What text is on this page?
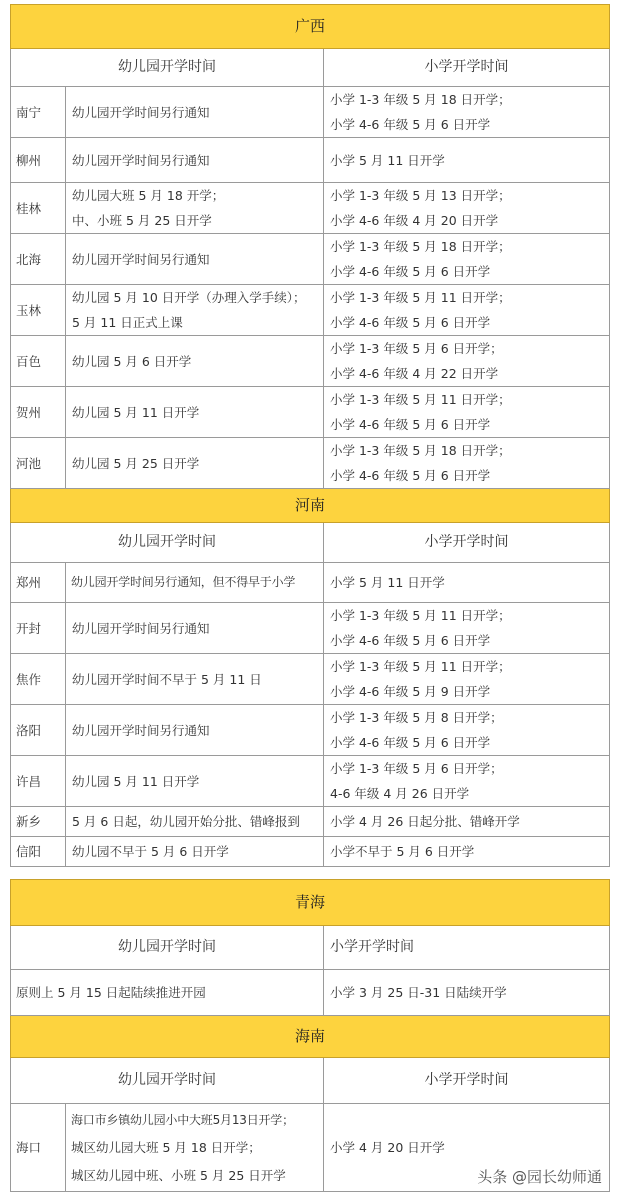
广西		
幼儿园开学时间		小学开学时间
南宁	幼儿园开学时间另行通知	小学 1-3 年级 5 月 18 日开学；
小学 4-6 年级 5 月 6 日开学

柳州	幼儿园开学时间另行通知	小学 5 月 11 日开学

桂林	幼儿园大班 5 月 18 开学；
中、小班 5 月 25 日开学	小学 1-3 年级 5 月 13 日开学；
小学 4-6 年级 4 月 20 日开学

北海	幼儿园开学时间另行通知	小学 1-3 年级 5 月 18 日开学；
小学 4-6 年级 5 月 6 日开学

玉林	幼儿园 5 月 10 日开学（办理入学手续）；
5 月 11 日正式上课	小学 1-3 年级 5 月 11 日开学；
小学 4-6 年级 5 月 6 日开学

百色	幼儿园 5 月 6 日开学	小学 1-3 年级 5 月 6 日开学；
小学 4-6 年级 4 月 22 日开学

贺州	幼儿园 5 月 11 日开学	小学 1-3 年级 5 月 11 日开学；
小学 4-6 年级 5 月 6 日开学

河池	幼儿园 5 月 25 日开学	小学 1-3 年级 5 月 18 日开学；
小学 4-6 年级 5 月 6 日开学

河南		
幼儿园开学时间		小学开学时间
郑州	幼儿园开学时间另行通知，但不得早于小学	小学 5 月 11 日开学

开封	幼儿园开学时间另行通知	小学 1-3 年级 5 月 11 日开学；
小学 4-6 年级 5 月 6 日开学

焦作	幼儿园开学时间不早于 5 月 11 日	小学 1-3 年级 5 月 11 日开学；
小学 4-6 年级 5 月 9 日开学

洛阳	幼儿园开学时间另行通知	小学 1-3 年级 5 月 8 日开学；
小学 4-6 年级 5 月 6 日开学

许昌	幼儿园 5 月 11 日开学	小学 1-3 年级 5 月 6 日开学；
4-6 年级 4 月 26 日开学

新乡	5 月 6 日起，幼儿园开始分批、错峰报到	小学 4 月 26 日起分批、错峰开学

信阳	幼儿园不早于 5 月 6 日开学	小学不早于 5 月 6 日开学
青海		
幼儿园开学时间		小学开学时间
原则上 5 月 15 日起陆续推进开园		小学 3 月 25 日-31 日陆续开学
海南		
幼儿园开学时间		小学开学时间
海口	海口市乡镇幼儿园小中大班5月13日开学；
城区幼儿园大班 5 月 18 日开学；
城区幼儿园中班、小班 5 月 25 日开学	小学 4 月 20 日开学
头条 @园长幼师通
